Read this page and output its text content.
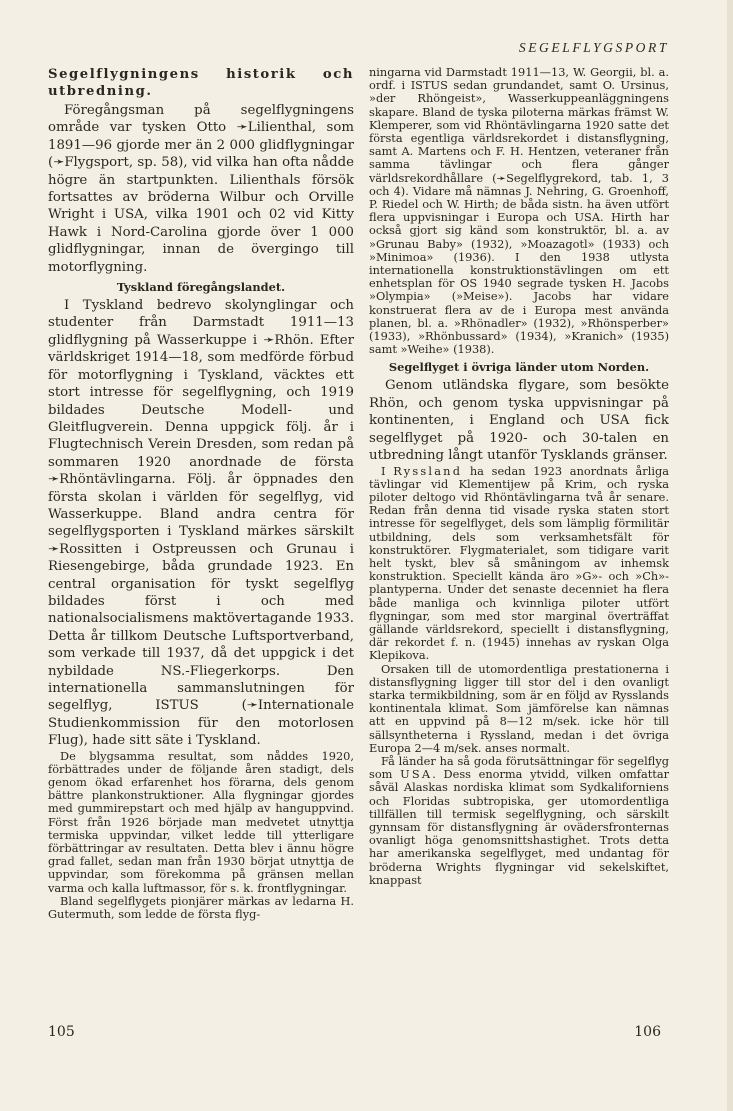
SEGELFLYGSPORT

Segelflygningens historik och utbredning.

Föregångsman på segelflygningens område var tysken Otto ➛Lilienthal, som 1891—96 gjorde mer än 2 000 glidflygningar (➛Flygsport, sp. 58), vid vilka han ofta nådde högre än startpunkten. Lilienthals försök fortsattes av bröderna Wilbur och Orville Wright i USA, vilka 1901 och 02 vid Kitty Hawk i Nord-Carolina gjorde över 1 000 glidflygningar, innan de övergingo till motorflygning.

Tyskland föregångslandet.

I Tyskland bedrevo skolynglingar och studenter från Darmstadt 1911—13 glidflygning på Wasserkuppe i ➛Rhön. Efter världskriget 1914—18, som medförde förbud för motorflygning i Tyskland, väcktes ett stort intresse för segelflygning, och 1919 bildades Deutsche Modell- und Gleitflugverein. Denna uppgick följ. år i Flugtechnisch Verein Dresden, som redan på sommaren 1920 anordnade de första ➛Rhöntävlingarna. Följ. år öppnades den första skolan i världen för segelflyg, vid Wasserkuppe. Bland andra centra för segelflygsporten i Tyskland märkes särskilt ➛Rossitten i Ostpreussen och Grunau i Riesengebirge, båda grundade 1923. En central organisation för tyskt segelflyg bildades först i och med nationalsocialismens maktövertagande 1933. Detta år tillkom Deutsche Luftsportverband, som verkade till 1937, då det uppgick i det nybildade NS.-Fliegerkorps. Den internationella sammanslutningen för segelflyg, ISTUS (➛Internationale Studienkommission für den motorlosen Flug), hade sitt säte i Tyskland.

De blygsamma resultat, som nåddes 1920, förbättrades under de följande åren stadigt, dels genom ökad erfarenhet hos förarna, dels genom bättre plankonstruktioner. Alla flygningar gjordes med gummirepstart och med hjälp av hanguppvind. Först från 1926 började man medvetet utnyttja termiska uppvindar, vilket ledde till ytterligare förbättringar av resultaten. Detta blev i ännu högre grad fallet, sedan man från 1930 börjat utnyttja de uppvindar, som förekomma på gränsen mellan varma och kalla luftmassor, för s. k. frontflygningar.

Bland segelflygets pionjärer märkas av ledarna H. Gutermuth, som ledde de första flyg-

ningarna vid Darmstadt 1911—13, W. Georgii, bl. a. ordf. i ISTUS sedan grundandet, samt O. Ursinus, »der Rhöngeist», Wasserkuppeanläggningens skapare. Bland de tyska piloterna märkas främst W. Klemperer, som vid Rhöntävlingarna 1920 satte det första egentliga världsrekordet i distansflygning, samt A. Martens och F. H. Hentzen, veteraner från samma tävlingar och flera gånger världsrekordhållare (➛Segelflygrekord, tab. 1, 3 och 4). Vidare må nämnas J. Nehring, G. Groenhoff, P. Riedel och W. Hirth; de båda sistn. ha även utfört flera uppvisningar i Europa och USA. Hirth har också gjort sig känd som konstruktör, bl. a. av »Grunau Baby» (1932), »Moazagotl» (1933) och »Minimoa» (1936). I den 1938 utlysta internationella konstruktionstävlingen om ett enhetsplan för OS 1940 segrade tysken H. Jacobs »Olympia» (»Meise»). Jacobs har vidare konstruerat flera av de i Europa mest använda planen, bl. a. »Rhönadler» (1932), »Rhönsperber» (1933), »Rhönbussard» (1934), »Kranich» (1935) samt »Weihe» (1938).

Segelflyget i övriga länder utom Norden.

Genom utländska flygare, som besökte Rhön, och genom tyska uppvisningar på kontinenten, i England och USA fick segelflyget på 1920- och 30-talen en utbredning långt utanför Tysklands gränser.

I Ryssland ha sedan 1923 anordnats årliga tävlingar vid Klementijew på Krim, och ryska piloter deltogo vid Rhöntävlingarna två år senare. Redan från denna tid visade ryska staten stort intresse för segelflyget, dels som lämplig förmilitär utbildning, dels som verksamhetsfält för konstruktörer. Flygmaterialet, som tidigare varit helt tyskt, blev så småningom av inhemsk konstruktion. Speciellt kända äro »G»- och »Ch»-plantyperna. Under det senaste decenniet ha flera både manliga och kvinnliga piloter utfört flygningar, som med stor marginal överträffat gällande världsrekord, speciellt i distansflygning, där rekordet f. n. (1945) innehas av ryskan Olga Klepikova.

Orsaken till de utomordentliga prestationerna i distansflygning ligger till stor del i den ovanligt starka termikbildning, som är en följd av Rysslands kontinentala klimat. Som jämförelse kan nämnas att en uppvind på 8—12 m/sek. icke hör till sällsyntheterna i Ryssland, medan i det övriga Europa 2—4 m/sek. anses normalt.

Få länder ha så goda förutsättningar för segelflyg som USA. Dess enorma ytvidd, vilken omfattar såväl Alaskas nordiska klimat som Sydkaliforniens och Floridas subtropiska, ger utomordentliga tillfällen till termisk segelflygning, och särskilt gynnsam för distansflygning är ovädersfronternas ovanligt höga genomsnittshastighet. Trots detta har amerikanska segelflyget, med undantag för bröderna Wrights flygningar vid sekelskiftet, knappast

105	106
